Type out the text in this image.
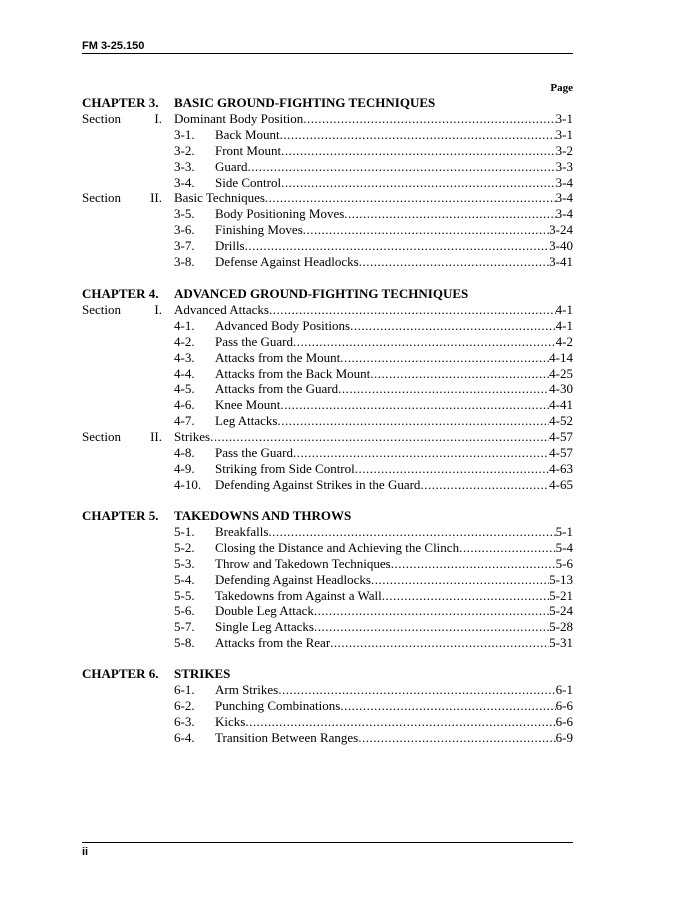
FM 3-25.150
Page
CHAPTER 3. BASIC GROUND-FIGHTING TECHNIQUES
Section	I. Dominant Body Position .....	3-1
3-1. Back Mount .....	3-1
3-2. Front Mount .....	3-2
3-3. Guard .....	3-3
3-4. Side Control .....	3-4
Section	II. Basic Techniques .....	3-4
3-5. Body Positioning Moves .....	3-4
3-6. Finishing Moves .....	3-24
3-7. Drills .....	3-40
3-8. Defense Against Headlocks .....	3-41
CHAPTER 4. ADVANCED GROUND-FIGHTING TECHNIQUES
Section	I. Advanced Attacks .....	4-1
4-1. Advanced Body Positions .....	4-1
4-2. Pass the Guard .....	4-2
4-3. Attacks from the Mount .....	4-14
4-4. Attacks from the Back Mount .....	4-25
4-5. Attacks from the Guard .....	4-30
4-6. Knee Mount .....	4-41
4-7. Leg Attacks .....	4-52
Section	II. Strikes .....	4-57
4-8. Pass the Guard .....	4-57
4-9. Striking from Side Control .....	4-63
4-10. Defending Against Strikes in the Guard .....	4-65
CHAPTER 5. TAKEDOWNS AND THROWS
5-1. Breakfalls .....	5-1
5-2. Closing the Distance and Achieving the Clinch .....	5-4
5-3. Throw and Takedown Techniques .....	5-6
5-4. Defending Against Headlocks .....	5-13
5-5. Takedowns from Against a Wall .....	5-21
5-6. Double Leg Attack .....	5-24
5-7. Single Leg Attacks .....	5-28
5-8. Attacks from the Rear .....	5-31
CHAPTER 6. STRIKES
6-1. Arm Strikes .....	6-1
6-2. Punching Combinations .....	6-6
6-3. Kicks .....	6-6
6-4. Transition Between Ranges .....	6-9
ii
